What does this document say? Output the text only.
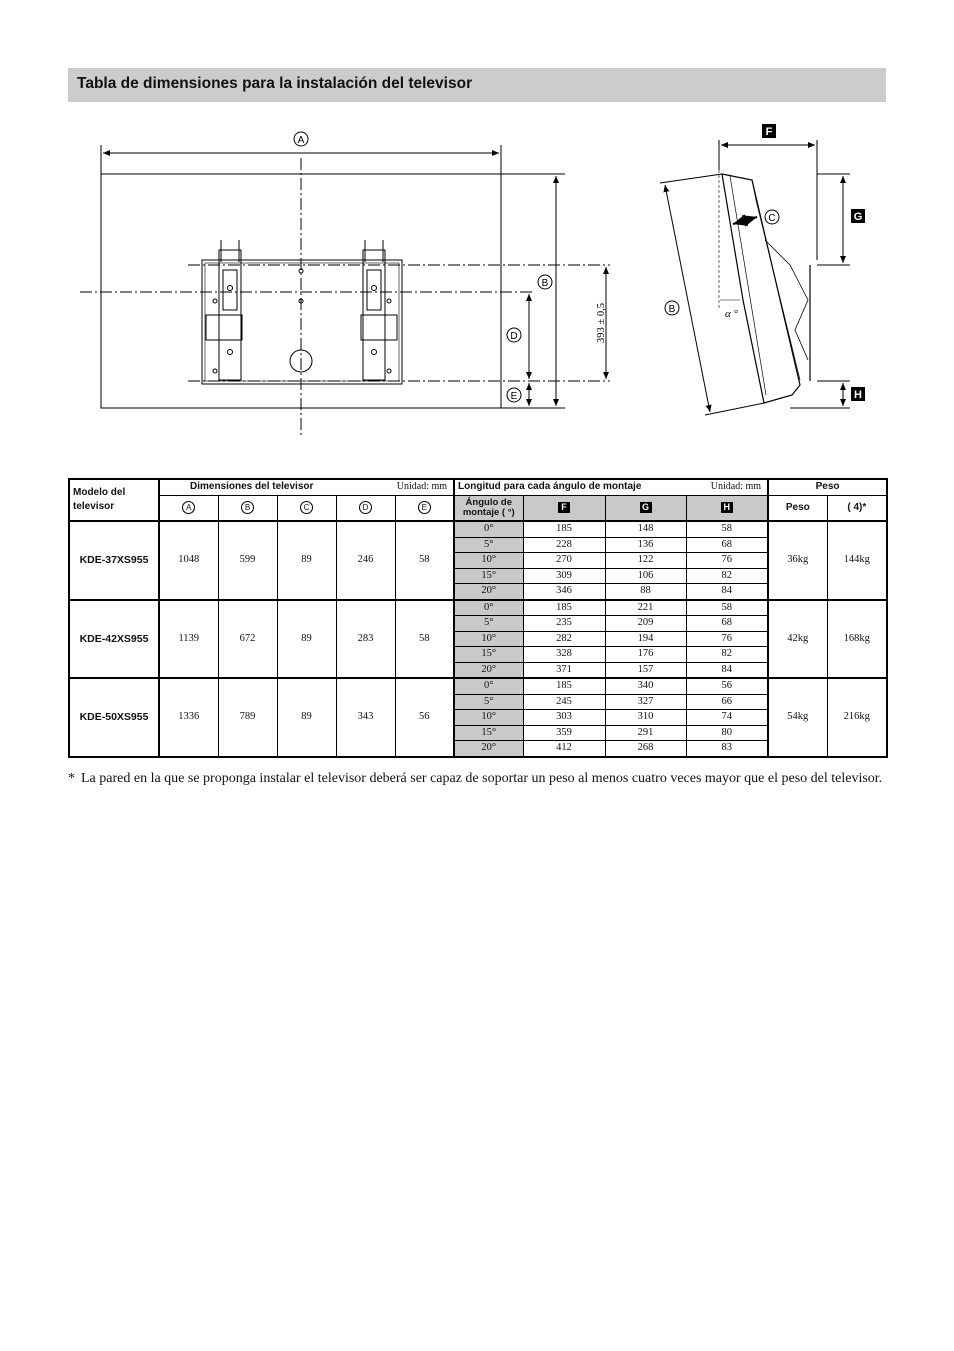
Tabla de dimensiones para la instalación del televisor
A
B
D
E
B
C
F
G
H
393 ± 0,5	α °
Modelo del televisor	Dimensiones del televisor Unidad: mm					Longitud para cada ángulo de montaje Unidad: mm				Peso	
	A	B	C	D	E	Ángulo de montaje ( °)	F	G	H	Peso	( 4)*
KDE-37XS955	1048	599	89	246	58	0°	185	148	58	36kg	144kg
						5°	228	136	68		
						10°	270	122	76		
						15°	309	106	82		
						20°	346	88	84		
KDE-42XS955	1139	672	89	283	58	0°	185	221	58	42kg	168kg
						5°	235	209	68		
						10°	282	194	76		
						15°	328	176	82		
						20°	371	157	84		
KDE-50XS955	1336	789	89	343	56	0°	185	340	56	54kg	216kg
						5°	245	327	66		
						10°	303	310	74		
						15°	359	291	80		
						20°	412	268	83		
* La pared en la que se proponga instalar el televisor deberá ser capaz de soportar un peso al menos cuatro veces mayor que el peso del televisor.
